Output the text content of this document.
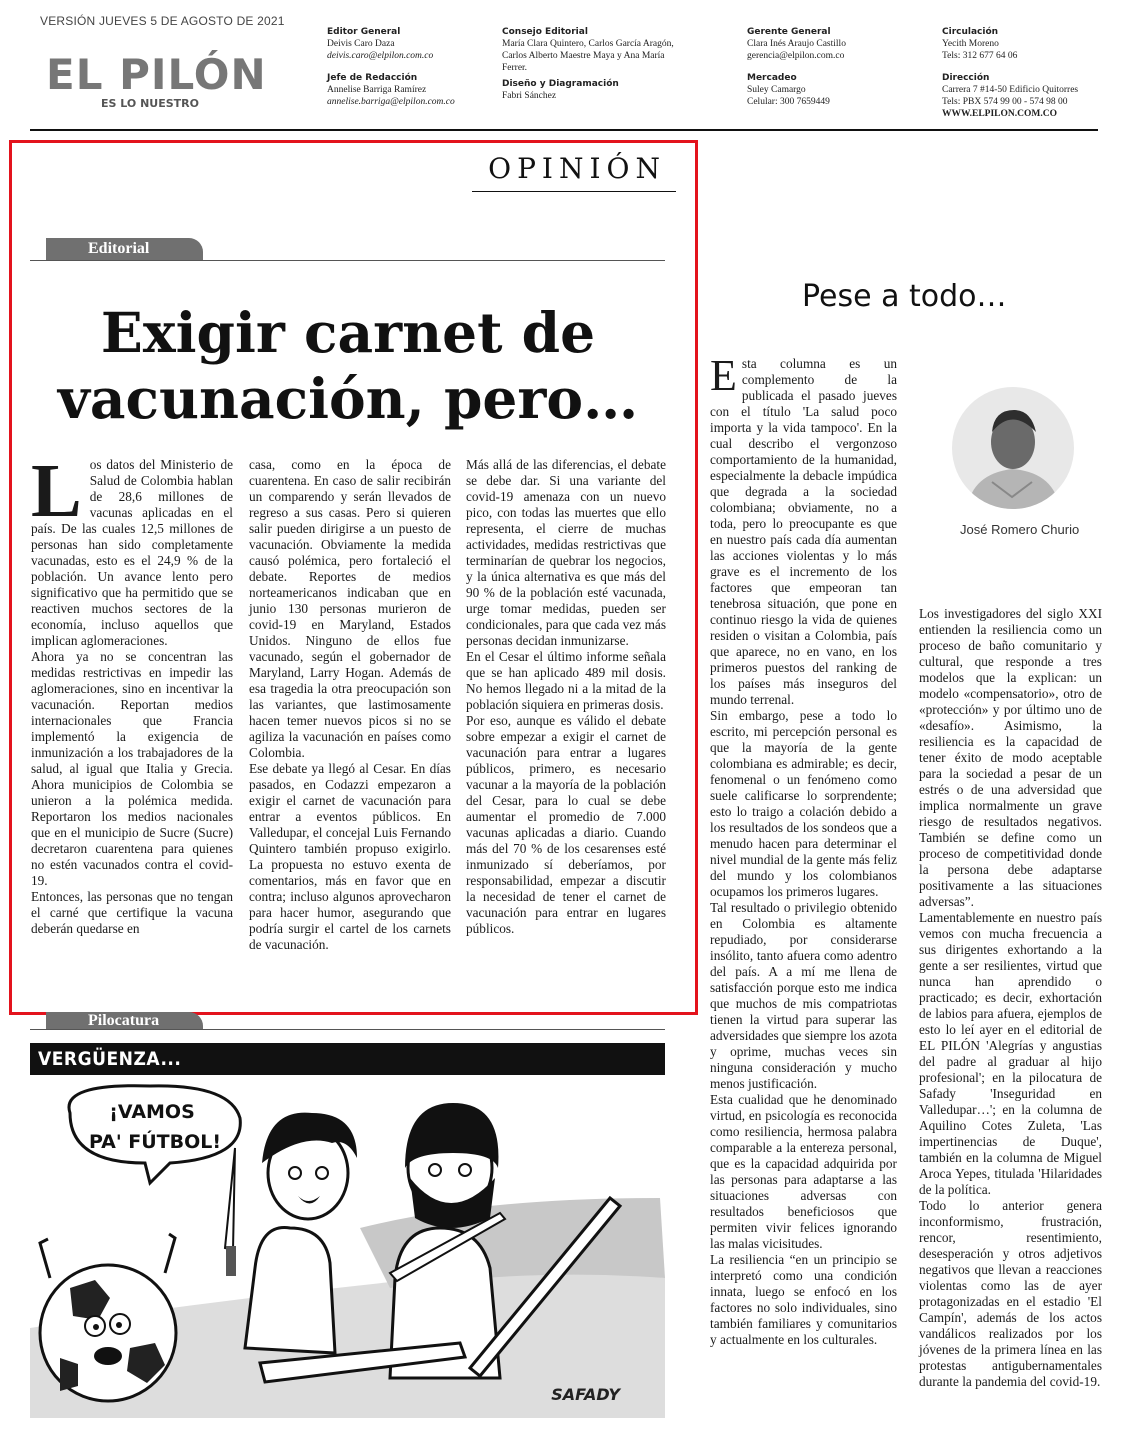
VERSIÓN JUEVES 5 DE AGOSTO DE 2021
EL PILÓN
ES LO NUESTRO
Editor General
Deivis Caro Daza
deivis.caro@elpilon.com.co
Jefe de Redacción
Annelise Barriga Ramírez
annelise.barriga@elpilon.com.co
Consejo Editorial
María Clara Quintero, Carlos García Aragón,
Carlos Alberto Maestre Maya y Ana María
Ferrer.
Diseño y Diagramación
Fabri Sánchez
Gerente General
Clara Inés Araujo Castillo
gerencia@elpilon.com.co
Mercadeo
Suley Camargo
Celular: 300 7659449
Circulación
Yecith Moreno
Tels: 312 677 64 06
Dirección
Carrera 7 #14-50 Edificio Quitorres
Tels: PBX 574 99 00 - 574 98 00
WWW.ELPILON.COM.CO
OPINIÓN
Editorial
Exigir carnet de
vacunación, pero…
L os datos del Ministerio de Salud de Colombia hablan de 28,6 millones de vacunas aplicadas en el país. De las cuales 12,5 millones de personas han sido completamente vacunadas, esto es el 24,9 % de la población. Un avance lento pero significativo que ha permitido que se reactiven muchos sectores de la economía, incluso aquellos que implican aglomeraciones.

Ahora ya no se concentran las medidas restrictivas en impedir las aglomeraciones, sino en incentivar la vacunación. Reportan medios internacionales que Francia implementó la exigencia de inmunización a los trabajadores de la salud, al igual que Italia y Grecia. Ahora municipios de Colombia se unieron a la polémica medida. Reportaron los medios nacionales que en el municipio de Sucre (Sucre) decretaron cuarentena para quienes no estén vacunados contra el covid-19.

Entonces, las personas que no tengan el carné que certifique la vacuna deberán quedarse en

casa, como en la época de cuarentena. En caso de salir recibirán un comparendo y serán llevados de regreso a sus casas. Pero si quieren salir pueden dirigirse a un puesto de vacunación. Obviamente la medida causó polémica, pero fortaleció el debate. Reportes de medios norteamericanos indicaban que en junio 130 personas murieron de covid-19 en Maryland, Estados Unidos. Ninguno de ellos fue vacunado, según el gobernador de Maryland, Larry Hogan. Además de esa tragedia la otra preocupación son las variantes, que lastimosamente hacen temer nuevos picos si no se agiliza la vacunación en países como Colombia.

Ese debate ya llegó al Cesar. En días pasados, en Codazzi empezaron a exigir el carnet de vacunación para entrar a eventos públicos. En Valledupar, el concejal Luis Fernando Quintero también propuso exigirlo. La propuesta no estuvo exenta de comentarios, más en favor que en contra; incluso algunos aprovecharon para hacer humor, asegurando que podría surgir el cartel de los carnets de vacunación.

Más allá de las diferencias, el debate se debe dar. Si una variante del covid-19 amenaza con un nuevo pico, con todas las muertes que ello representa, el cierre de muchas actividades, medidas restrictivas que terminarían de quebrar los negocios, y la única alternativa es que más del 90 % de la población esté vacunada, urge tomar medidas, pueden ser condicionales, para que cada vez más personas decidan inmunizarse.

En el Cesar el último informe señala que se han aplicado 489 mil dosis. No hemos llegado ni a la mitad de la población siquiera en primeras dosis.

Por eso, aunque es válido el debate sobre empezar a exigir el carnet de vacunación para entrar a lugares públicos, primero, es necesario vacunar a la mayoría de la población del Cesar, para lo cual se debe aumentar el promedio de 7.000 vacunas aplicadas a diario. Cuando más del 70 % de los cesarenses esté inmunizado sí deberíamos, por responsabilidad, empezar a discutir la necesidad de tener el carnet de vacunación para entrar en lugares públicos.

Pilocatura
VERGÜENZA...
¡VAMOS
PA' FÚTBOL!
SAFADY
Pese a todo…
José Romero Churio
E sta columna es un complemento de la publicada el pasado jueves con el título 'La salud poco importa y la vida tampoco'. En la cual describo el vergonzoso comportamiento de la humanidad, especialmente la debacle impúdica que degrada a la sociedad colombiana; obviamente, no a toda, pero lo preocupante es que en nuestro país cada día aumentan las acciones violentas y lo más grave es el incremento de los factores que empeoran tan tenebrosa situación, que pone en continuo riesgo la vida de quienes residen o visitan a Colombia, país que aparece, no en vano, en los primeros puestos del ranking de los países más inseguros del mundo terrenal.

Sin embargo, pese a todo lo escrito, mi percepción personal es que la mayoría de la gente colombiana es admirable; es decir, fenomenal o un fenómeno como suele calificarse lo sorprendente; esto lo traigo a colación debido a los resultados de los sondeos que a menudo hacen para determinar el nivel mundial de la gente más feliz del mundo y los colombianos ocupamos los primeros lugares.

Tal resultado o privilegio obtenido en Colombia es altamente repudiado, por considerarse insólito, tanto afuera como adentro del país. A a mí me llena de satisfacción porque esto me indica que muchos de mis compatriotas tienen la virtud para superar las adversidades que siempre los azota y oprime, muchas veces sin ninguna consideración y mucho menos justificación.

Esta cualidad que he denominado virtud, en psicología es reconocida como resiliencia, hermosa palabra comparable a la entereza personal, que es la capacidad adquirida por las personas para adaptarse a las situaciones adversas con resultados beneficiosos que permiten vivir felices ignorando las malas vicisitudes.

La resiliencia “en un principio se interpretó como una condición innata, luego se enfocó en los factores no solo individuales, sino también familiares y comunitarios y actualmente en los culturales.

Los investigadores del siglo XXI entienden la resiliencia como un proceso de baño comunitario y cultural, que responde a tres modelos que la explican: un modelo «compensatorio», otro de «protección» y por último uno de «desafío». Asimismo, la resiliencia es la capacidad de tener éxito de modo aceptable para la sociedad a pesar de un estrés o de una adversidad que implica normalmente un grave riesgo de resultados negativos. También se define como un proceso de competitividad donde la persona debe adaptarse positivamente a las situaciones adversas”.

Lamentablemente en nuestro país vemos con mucha frecuencia a sus dirigentes exhortando a la gente a ser resilientes, virtud que nunca han aprendido o practicado; es decir, exhortación de labios para afuera, ejemplos de esto lo leí ayer en el editorial de EL PILÓN 'Alegrías y angustias del padre al graduar al hijo profesional'; en la pilocatura de Safady 'Inseguridad en Valledupar…'; en la columna de Aquilino Cotes Zuleta, 'Las impertinencias de Duque', también en la columna de Miguel Aroca Yepes, titulada 'Hilaridades de la política.

Todo lo anterior genera inconformismo, frustración, rencor, resentimiento, desesperación y otros adjetivos negativos que llevan a reacciones violentas como las de ayer protagonizadas en el estadio 'El Campín', además de los actos vandálicos realizados por los jóvenes de la primera línea en las protestas antigubernamentales durante la pandemia del covid-19.
